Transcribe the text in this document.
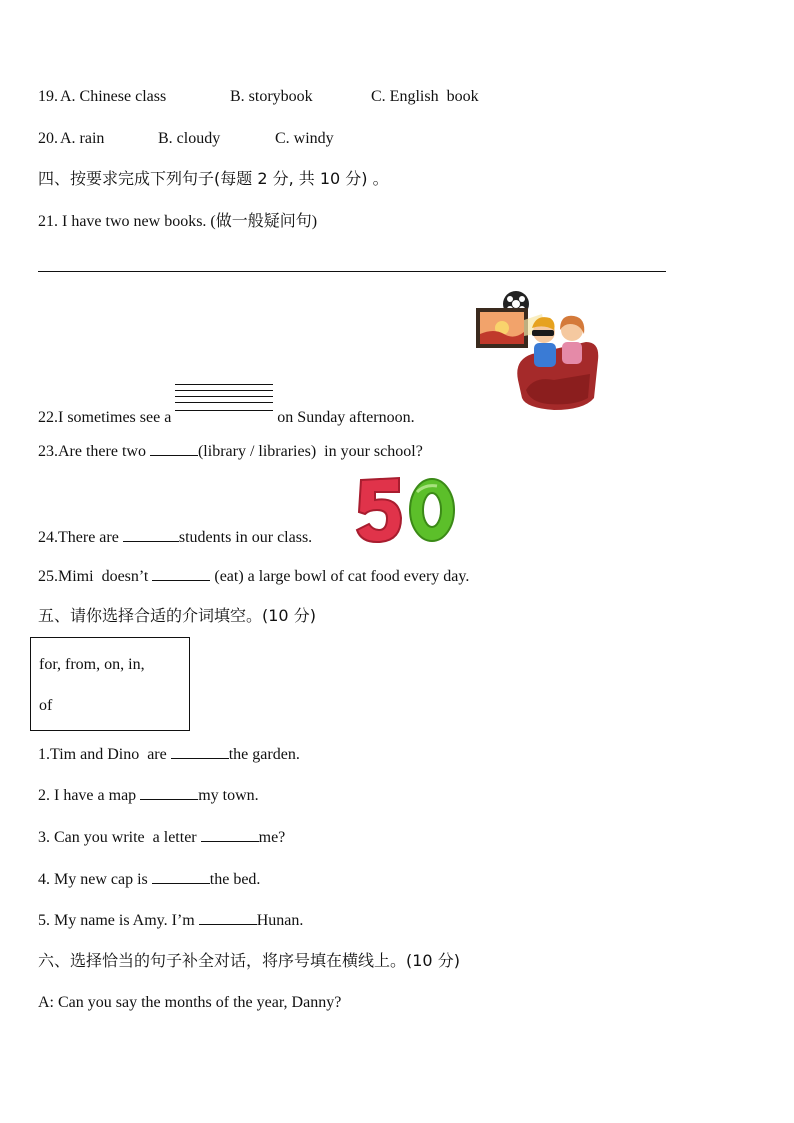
19. A. Chinese class	B. storybook	C. English  book
20. A. rain	B. cloudy	C. windy
四、按要求完成下列句子(每题 2 分, 共 10 分) 。
21. I have two new books. (做一般疑问句)
22.I sometimes see a	on Sunday afternoon.
23.Are there two	(library / libraries)  in your school?
24.There are	students in our class.
25.Mimi  doesn’t	(eat) a large bowl of cat food every day.
五、请你选择合适的介词填空。(10 分)
for, from, on, in,
of
1.Tim and Dino  are	the garden.
2. I have a map	my town.
3. Can you write  a letter	me?
4. My new cap is	the bed.
5. My name is Amy. I’m	Hunan.
六、选择恰当的句子补全对话，将序号填在横线上。(10 分)
A: Can you say the months of the year, Danny?
